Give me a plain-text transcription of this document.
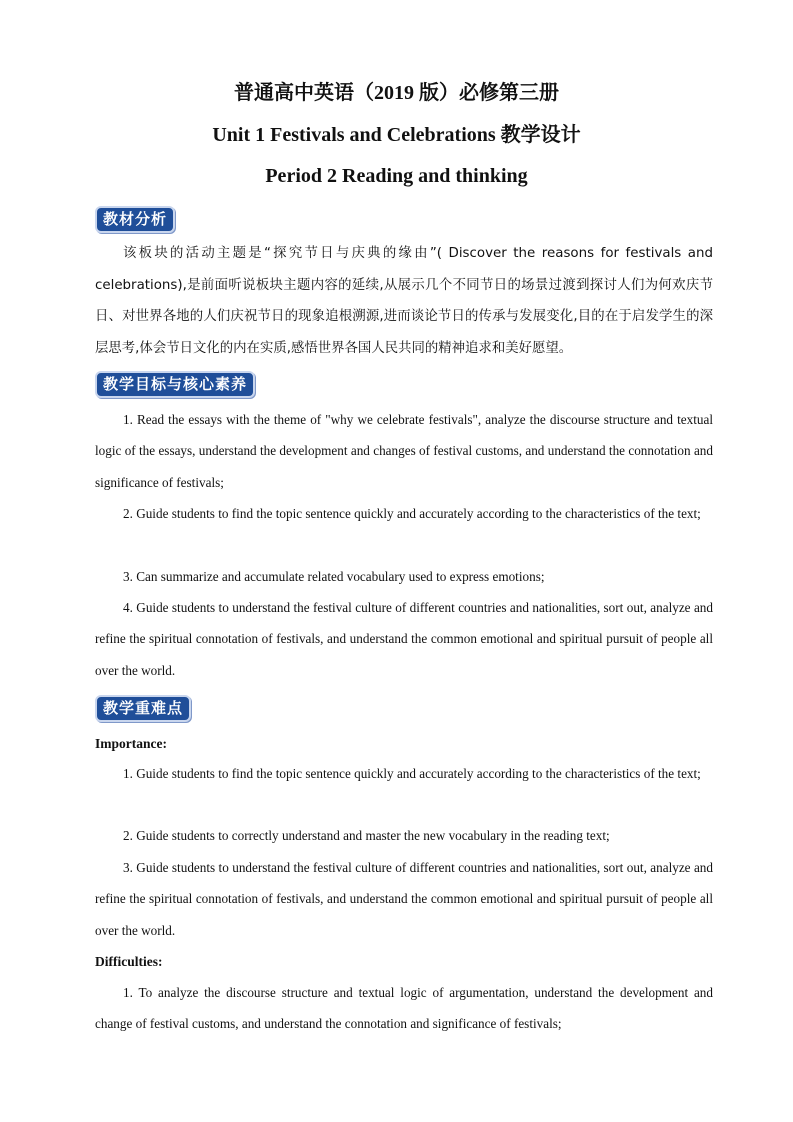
普通高中英语（2019 版）必修第三册
Unit 1 Festivals and Celebrations 教学设计
Period 2 Reading and thinking
教材分析
该板块的活动主题是“探究节日与庆典的缘由”( Discover the reasons for festivals and celebrations),是前面听说板块主题内容的延续,从展示几个不同节日的场景过渡到探讨人们为何欢庆节日、对世界各地的人们庆祝节日的现象追根溯源,进而谈论节日的传承与发展变化,目的在于启发学生的深层思考,体会节日文化的内在实质,感悟世界各国人民共同的精神追求和美好愿望。
教学目标与核心素养
1. Read the essays with the theme of "why we celebrate festivals", analyze the discourse structure and textual logic of the essays, understand the development and changes of festival customs, and understand the connotation and significance of festivals;
2. Guide students to find the topic sentence quickly and accurately according to the characteristics of the text;
3. Can summarize and accumulate related vocabulary used to express emotions;
4. Guide students to understand the festival culture of different countries and nationalities, sort out, analyze and refine the spiritual connotation of festivals, and understand the common emotional and spiritual pursuit of people all over the world.
教学重难点
Importance:
1. Guide students to find the topic sentence quickly and accurately according to the characteristics of the text;
2. Guide students to correctly understand and master the new vocabulary in the reading text;
3. Guide students to understand the festival culture of different countries and nationalities, sort out, analyze and refine the spiritual connotation of festivals, and understand the common emotional and spiritual pursuit of people all over the world.
Difficulties:
1. To analyze the discourse structure and textual logic of argumentation, understand the development and change of festival customs, and understand the connotation and significance of festivals;
